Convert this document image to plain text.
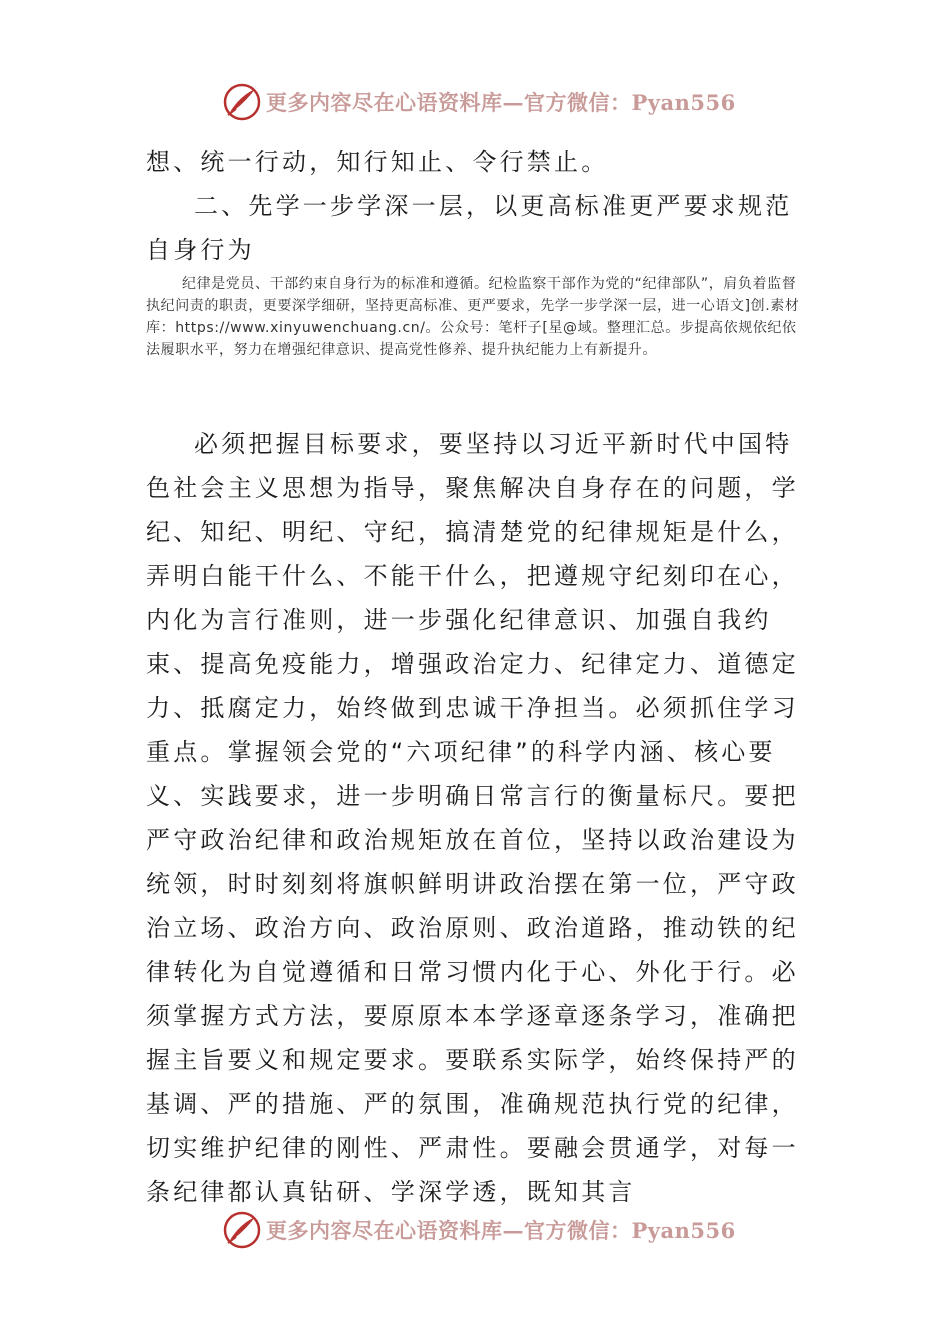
更多内容尽在心语资料库—官方微信：Pyan556

想、统一行动，知行知止、令行禁止。

二、先学一步学深一层，以更高标准更严要求规范自身行为

纪律是党员、干部约束自身行为的标准和遵循。纪检监察干部作为党的“纪律部队”，肩负着监督执纪问责的职责，更要深学细研，坚持更高标准、更严要求，先学一步学深一层，进一心语文]创.素材库：https://www.xinyuwenchuang.cn/。公众号：笔杆子[星@域。整理汇总。步提高依规依纪依法履职水平，努力在增强纪律意识、提高党性修养、提升执纪能力上有新提升。

必须把握目标要求，要坚持以习近平新时代中国特色社会主义思想为指导，聚焦解决自身存在的问题，学纪、知纪、明纪、守纪，搞清楚党的纪律规矩是什么，弄明白能干什么、不能干什么，把遵规守纪刻印在心，内化为言行准则，进一步强化纪律意识、加强自我约束、提高免疫能力，增强政治定力、纪律定力、道德定力、抵腐定力，始终做到忠诚干净担当。必须抓住学习重点。掌握领会党的“六项纪律”的科学内涵、核心要义、实践要求，进一步明确日常言行的衡量标尺。要把严守政治纪律和政治规矩放在首位，坚持以政治建设为统领，时时刻刻将旗帜鲜明讲政治摆在第一位，严守政治立场、政治方向、政治原则、政治道路，推动铁的纪律转化为自觉遵循和日常习惯内化于心、外化于行。必须掌握方式方法，要原原本本学逐章逐条学习，准确把握主旨要义和规定要求。要联系实际学，始终保持严的基调、严的措施、严的氛围，准确规范执行党的纪律，切实维护纪律的刚性、严肃性。要融会贯通学，对每一条纪律都认真钻研、学深学透，既知其言

更多内容尽在心语资料库—官方微信：Pyan556
